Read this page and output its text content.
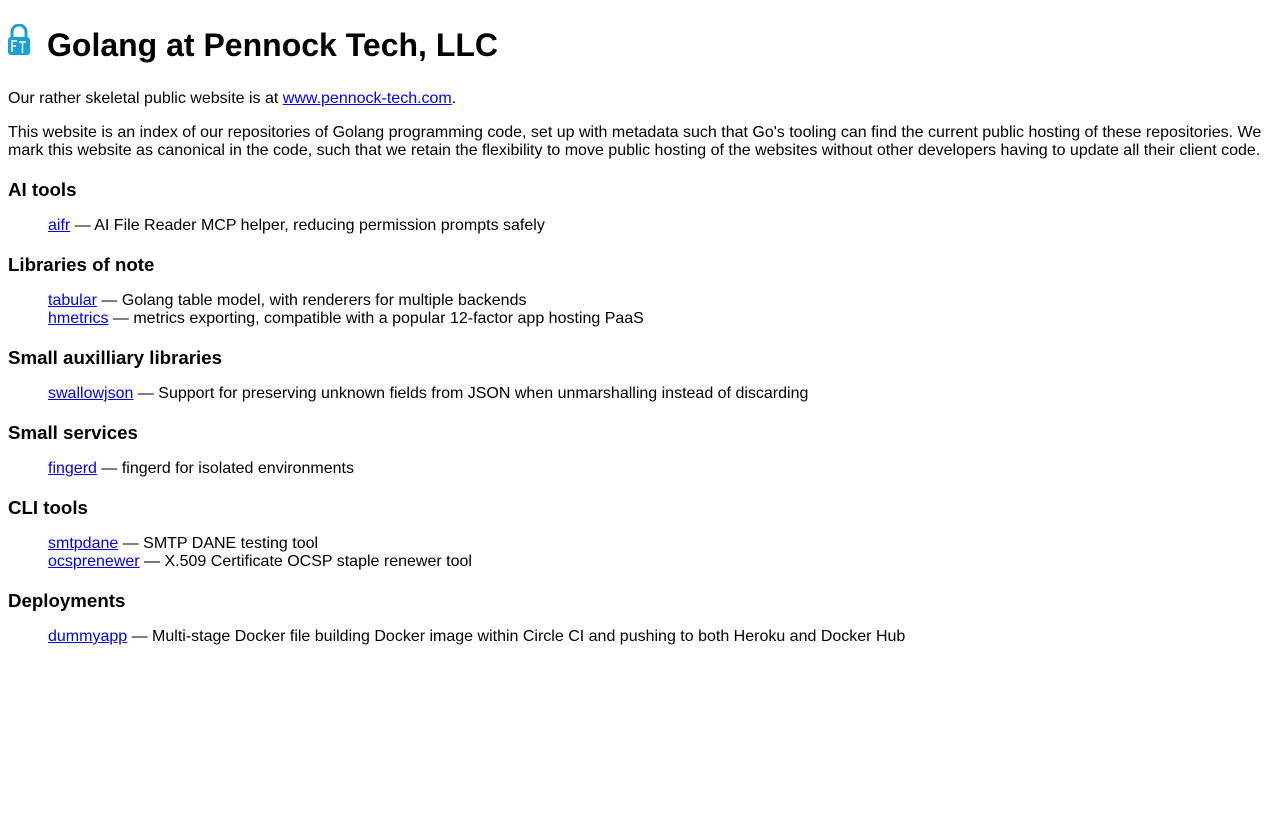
Golang at Pennock Tech, LLC

Our rather skeletal public website is at www.pennock-tech.com.

This website is an index of our repositories of Golang programming code, set up with metadata such that Go's tooling can find the current public hosting of these repositories. We mark this website as canonical in the code, such that we retain the flexibility to move public hosting of the websites without other developers having to update all their client code.

AI tools
aifr — AI File Reader MCP helper, reducing permission prompts safely
Libraries of note
tabular — Golang table model, with renderers for multiple backends
hmetrics — metrics exporting, compatible with a popular 12-factor app hosting PaaS
Small auxilliary libraries
swallowjson — Support for preserving unknown fields from JSON when unmarshalling instead of discarding
Small services
fingerd — fingerd for isolated environments
CLI tools
smtpdane — SMTP DANE testing tool
ocsprenewer — X.509 Certificate OCSP staple renewer tool
Deployments
dummyapp — Multi-stage Docker file building Docker image within Circle CI and pushing to both Heroku and Docker Hub
